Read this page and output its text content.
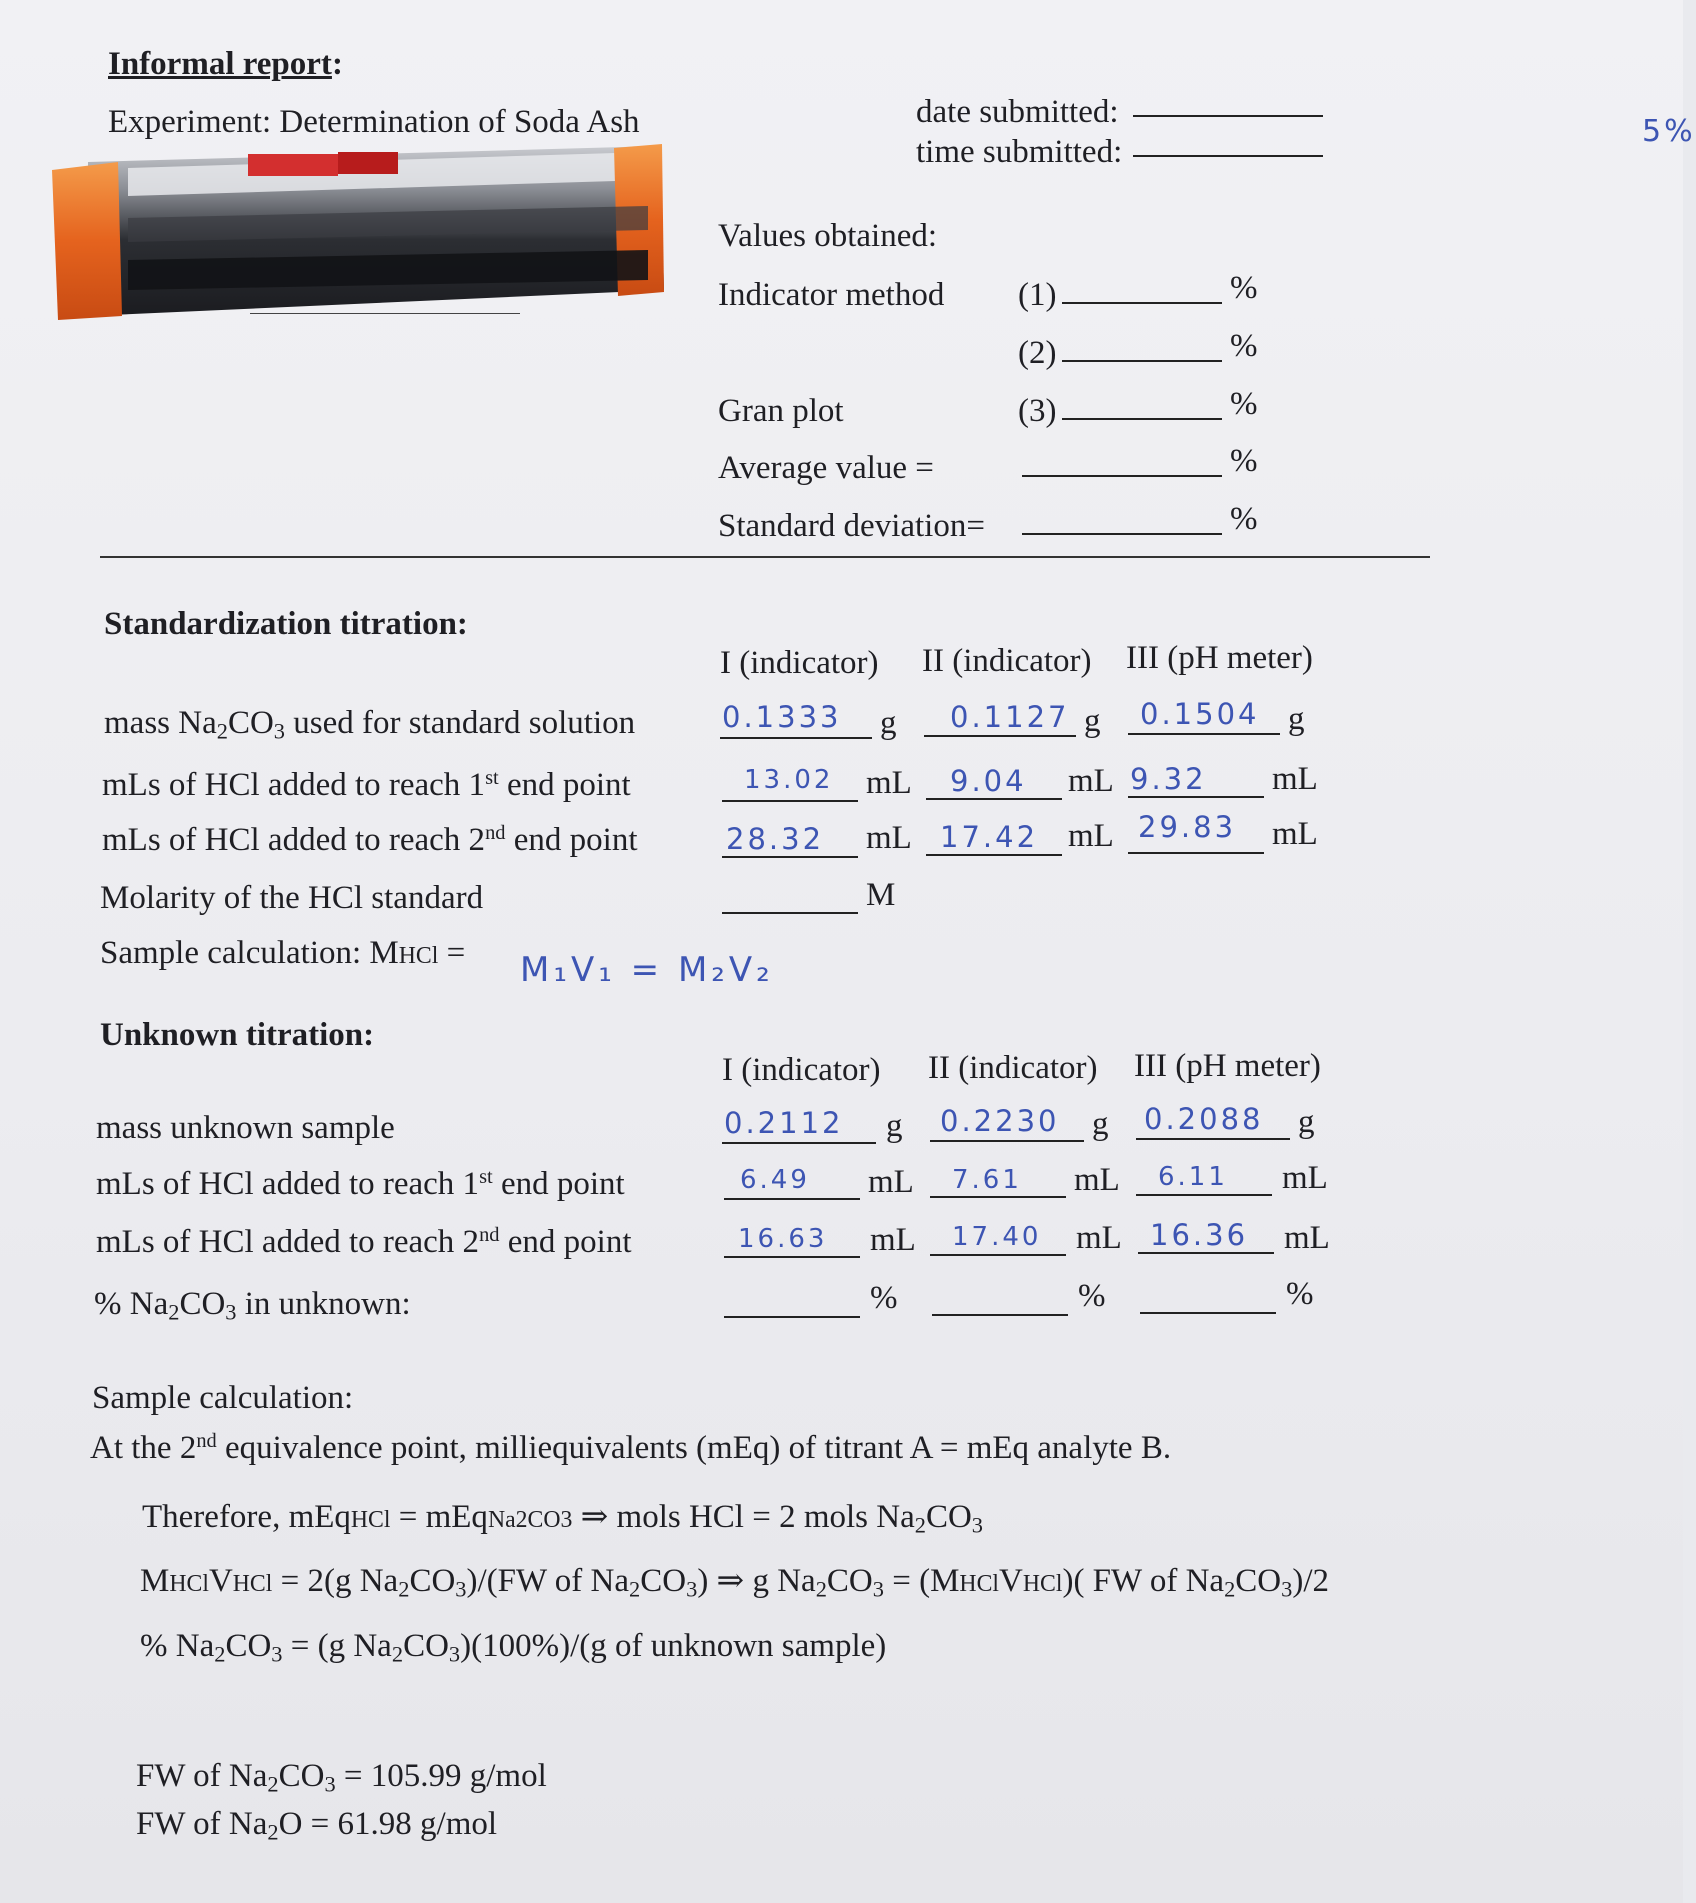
Informal report:
Experiment: Determination of Soda Ash	date submitted:
time submitted:
5%
Values obtained:
Indicator method (1)	%
(2)	%
Gran plot	(3)	%
Average value =	%
Standard deviation=	%
Standardization titration:
I (indicator) II (indicator) III (pH meter)
mass $Na_2CO_3$ used for standard solution	0.1333 g 0.1127 g 0.1504 g
mLs of HCl added to reach 1st end point	13.02 mL 9.04 mL 9.32 mL
mLs of HCl added to reach 2nd end point	28.32 mL 17.42 mL 29.83 mL
Molarity of the HCl standard	M
Sample calculation: MHCl = M₁V₁ = M₂V₂
Unknown titration:
I (indicator) II (indicator) III (pH meter)
mass unknown sample	0.2112 g 0.2230 g 0.2088 g
mLs of HCl added to reach 1st end point	6.49 mL 7.61 mL 6.11 mL
mLs of HCl added to reach 2nd end point	16.63 mL 17.40 mL 16.36 mL
% $Na_2CO_3$ in unknown:	%	%	%
Sample calculation:
At the 2nd equivalence point, milliequivalents (mEq) of titrant A = mEq analyte B.
Therefore, mEqHCl = mEqNa2CO3 ⇒ mols HCl = 2 mols $Na_2CO_3$
MHClVHCl = 2(g $Na_2CO_3)/(FW$ of $Na_2CO_3$) ⇒ g $Na_2CO_3$ = (MHClVHCl)( FW of $Na_2CO_3)/2$
% $Na_2CO_3 = (g$ $Na_2CO_3)(100\%)/(g$ of unknown sample)
FW of $Na_2CO_3 = 105.99$ g/mol
FW of $Na_2O = 61.98$ g/mol
